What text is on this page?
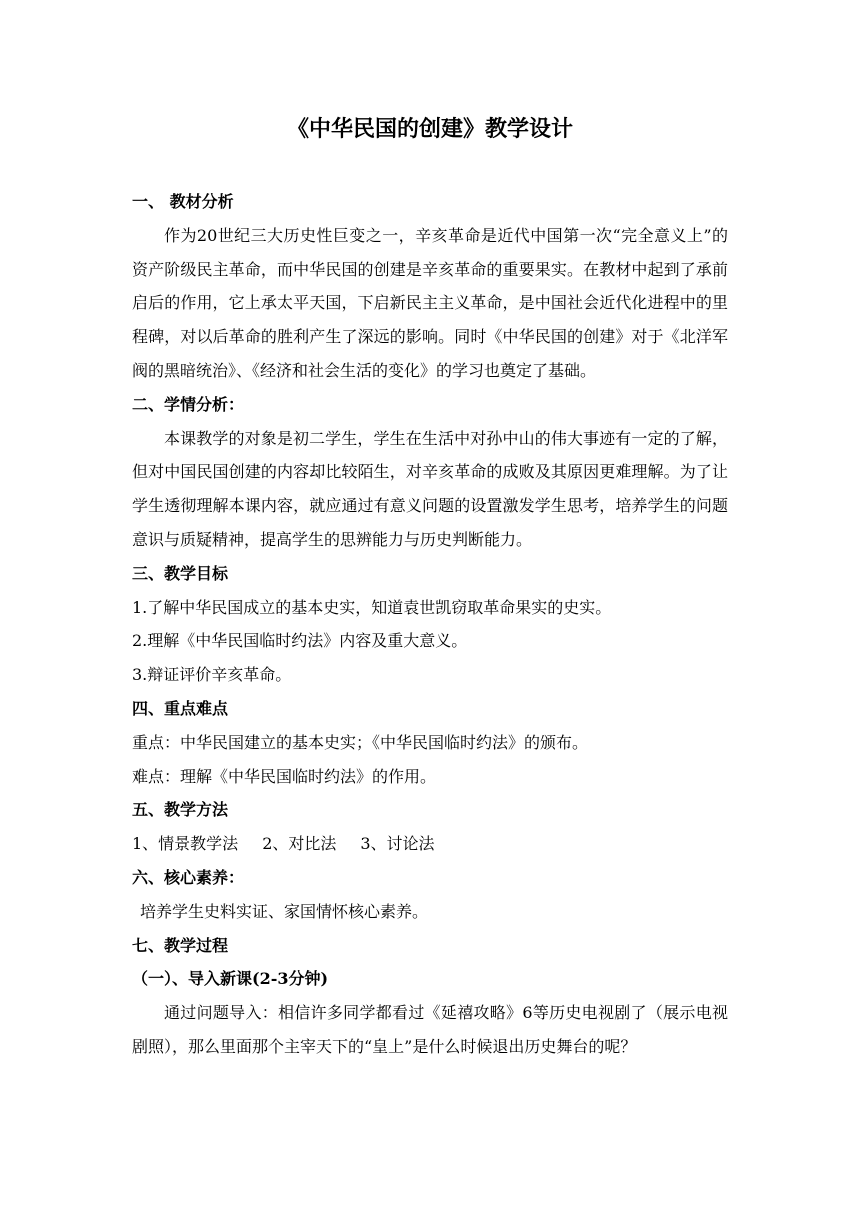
《中华民国的创建》教学设计
一、 教材分析
作为20世纪三大历史性巨变之一，辛亥革命是近代中国第一次“完全意义上”的资产阶级民主革命，而中华民国的创建是辛亥革命的重要果实。在教材中起到了承前启后的作用，它上承太平天国，下启新民主主义革命，是中国社会近代化进程中的里程碑，对以后革命的胜利产生了深远的影响。同时《中华民国的创建》对于《北洋军阀的黑暗统治》、《经济和社会生活的变化》的学习也奠定了基础。
二、学情分析：
本课教学的对象是初二学生，学生在生活中对孙中山的伟大事迹有一定的了解，但对中国民国创建的内容却比较陌生，对辛亥革命的成败及其原因更难理解。为了让学生透彻理解本课内容，就应通过有意义问题的设置激发学生思考，培养学生的问题意识与质疑精神，提高学生的思辨能力与历史判断能力。
三、教学目标
1.了解中华民国成立的基本史实，知道袁世凯窃取革命果实的史实。
2.理解《中华民国临时约法》内容及重大意义。
3.辩证评价辛亥革命。
四、重点难点
重点：中华民国建立的基本史实；《中华民国临时约法》的颁布。
难点：理解《中华民国临时约法》的作用。
五、教学方法
1、情景教学法 2、对比法 3、讨论法
六、核心素养：
培养学生史料实证、家国情怀核心素养。
七、教学过程
（一）、导入新课(2-3分钟)
通过问题导入：相信许多同学都看过《延禧攻略》6等历史电视剧了（展示电视剧照），那么里面那个主宰天下的“皇上”是什么时候退出历史舞台的呢？
